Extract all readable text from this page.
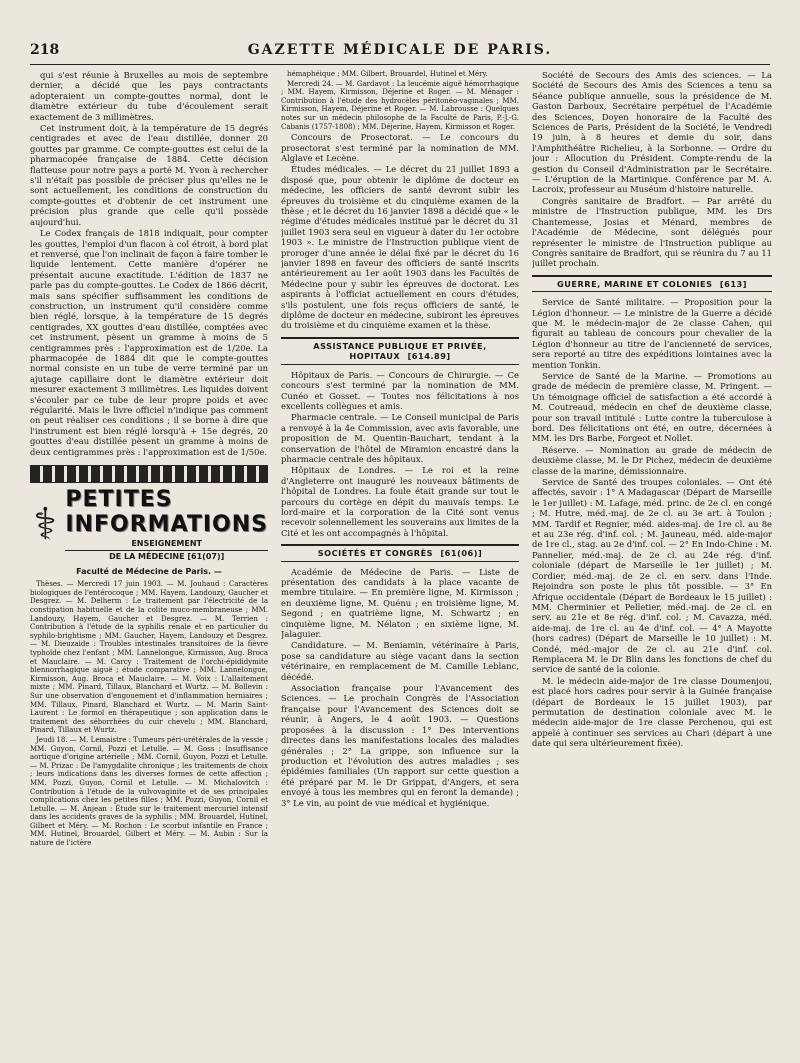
218	GAZETTE MÉDICALE DE PARIS.

qui s'est réunie à Bruxelles au mois de septembre dernier, a décidé que les pays contractants adopteraient un compte-gouttes normal, dont le diamètre extérieur du tube d'écoulement serait exactement de 3 millimètres.

Cet instrument doit, à la température de 15 degrés centigrades et avec de l'eau distillée, donner 20 gouttes par gramme. Ce compte-gouttes est celui de la pharmacopée française de 1884. Cette décision flatteuse pour notre pays a porté M. Yvon à rechercher s'il n'était pas possible de préciser plus qu'elles ne le sont actuellement, les conditions de construction du compte-gouttes et d'obtenir de cet instrument une précision plus grande que celle qu'il possède aujourd'hui.

Le Codex français de 1818 indiquait, pour compter les gouttes, l'emploi d'un flacon à col étroit, à bord plat et renversé, que l'on inclinait de façon à faire tomber le liquide lentement. Cette manière d'opérer ne présentait aucune exactitude. L'édition de 1837 ne parle pas du compte-gouttes. Le Codex de 1866 décrit, mais sans spécifier suffisamment les conditions de construction, un instrument qu'il considère comme bien réglé, lorsque, à la température de 15 degrés centigrades, XX gouttes d'eau distillée, comptées avec cet instrument, pèsent un gramme à moins de 5 centigrammes près : l'approximation est de 1/20e. La pharmacopée de 1884 dit que le compte-gouttes normal consiste en un tube de verre terminé par un ajutage capillaire dont le diamètre extérieur doit mesurer exactement 3 millimètres. Les liquides doivent s'écouler par ce tube de leur propre poids et avec régularité. Mais le livre officiel n'indique pas comment on peut réaliser ces conditions ; il se borne à dire que l'instrument est bien réglé lorsqu'à + 15e degrés, 20 gouttes d'eau distillée pèsent un gramme à moins de deux centigrammes près : l'approximation est de 1/50e.

⚕ PETITES
INFORMATIONS
ENSEIGNEMENT
DE LA MÉDECINE [61(07)]
Faculté de Médecine de Paris. —

Thèses. — Mercredi 17 juin 1903. — M. Jouhaud : Caractères biologiques de l'entérocoque ; MM. Hayem, Landouzy, Gaucher et Desgrez. — M. Delherm : Le traitement par l'électricité de la constipation habituelle et de la colite muco-membraneuse ; MM. Landouzy, Hayem, Gaucher et Desgrez. — M. Terrien : Contribution à l'étude de la syphilis rénale et en particulier du syphilo-brightisme ; MM. Gaucher, Hayem, Landouzy et Desgrez. — M. Dieuzaide : Troubles intestinales transitoires de la fièvre typhoïde chez l'enfant ; MM. Lannelongue, Kirmisson, Aug. Broca et Mauclaire. — M. Carcy : Traitement de l'orchi-épididymite blennorrhagique aiguë ; étude comparative ; MM. Lannelongue, Kirmisson, Aug. Broca et Mauclaire. — M. Voix : L'allaitement mixte ; MM. Pinard, Tillaux, Blanchard et Wurtz. — M. Bollevin : Sur une observation d'engouement et d'inflammation herniaires ; MM. Tillaux, Pinard, Blanchard et Wurtz. — M. Marin Saint-Laurent : Le formol en thérapeutique ; son application dans le traitement des séborrhées du cuir chevelu ; MM. Blanchard, Pinard, Tillaux et Wurtz.

Jeudi 18. — M. Lemaistre : Tumeurs péri-urétérales de la vessie ; MM. Guyon, Cornil, Pozzi et Letulle. — M. Goss : Insuffisance aortique d'origine artérielle ; MM. Cornil, Guyon, Pozzi et Letulle. — M. Prizac : De l'amygdalite chronique ; les traitements de choix ; leurs indications dans les diverses formes de cette affection ; MM. Pozzi, Guyon, Cornil et Letulle. — M. Michalovitch : Contribution à l'étude de la vulvovaginite et de ses principales complications chez les petites filles ; MM. Pozzi, Guyon, Cornil et Letulle. — M. Anjean : Étude sur le traitement mercuriel intensif dans les accidents graves de la syphilis ; MM. Brouardel, Hutinel, Gilbert et Méry. — M. Rochon : Le scorbut infantile en France ; MM. Hutinel, Brouardel, Gilbert et Méry. — M. Aubin : Sur la nature de l'ictère

hémaphéique ; MM. Gilbert, Brouardel, Hutinel et Méry.

Mercredi 24. — M. Gardavot : La leucémie aiguë hémorrhagique ; MM. Hayem, Kirmisson, Déjerine et Roger. — M. Ménager : Contribution à l'étude des hydrocèles péritonéo-vaginales ; MM. Kirmisson, Hayem, Déjerine et Roger. — M. Labrousse : Quelques notes sur un médecin philosophe de la Faculté de Paris, P.-J.-G. Cabanis (1757-1808) ; MM. Déjerine, Hayem, Kirmisson et Roger.

Concours de Prosectorat. — Le concours du prosectorat s'est terminé par la nomination de MM. Alglave et Lecène.

Études médicales. — Le décret du 21 juillet 1893 a disposé que, pour obtenir le diplôme de docteur en médecine, les officiers de santé devront subir les épreuves du troisième et du cinquième examen de la thèse ; et le décret du 16 janvier 1898 a décidé que « le régime d'études médicales institué par le décret du 31 juillet 1903 sera seul en vigueur à dater du 1er octobre 1903 ». Le ministre de l'Instruction publique vient de proroger d'une année le délai fixé par le décret du 16 janvier 1898 en faveur des officiers de santé inscrits antérieurement au 1er août 1903 dans les Facultés de Médecine pour y subir les épreuves de doctorat. Les aspirants à l'officiat actuellement en cours d'études, s'ils postulent, une fois reçus officiers de santé, le diplôme de docteur en médecine, subiront les épreuves du troisième et du cinquième examen et la thèse.

ASSISTANCE PUBLIQUE ET PRIVÉE,
HOPITAUX [614.89]

Hôpitaux de Paris. — Concours de Chirurgie. — Ce concours s'est terminé par la nomination de MM. Cunéo et Gosset. — Toutes nos félicitations à nos excellents collègues et amis.

Pharmacie centrale. — Le Conseil municipal de Paris a renvoyé à la 4e Commission, avec avis favorable, une proposition de M. Quentin-Bauchart, tendant à la conservation de l'hôtel de Miramion encastré dans la pharmacie centrale des hôpitaux.

Hôpitaux de Londres. — Le roi et la reine d'Angleterre ont inauguré les nouveaux bâtiments de l'hôpital de Londres. La foule était grande sur tout le parcours du cortège en dépit du mauvais temps. Le lord-maire et la corporation de la Cité sont venus recevoir solennellement les souverains aux limites de la Cité et les ont accompagnés à l'hôpital.

SOCIÉTÉS ET CONGRÈS [61(06)]

Académie de Médecine de Paris. — Liste de présentation des candidats à la place vacante de membre titulaire. — En première ligne, M. Kirmisson ; en deuxième ligne, M. Quénu ; en troisième ligne, M. Segond ; en quatrième ligne, M. Schwartz ; en cinquième ligne, M. Nélaton ; en sixième ligne, M. Jalaguier.

Candidature. — M. Beniamin, vétérinaire à Paris, pose sa candidature au siège vacant dans la section vétérinaire, en remplacement de M. Camille Leblanc, décédé.

Association française pour l'Avancement des Sciences. — Le prochain Congrès de l'Association française pour l'Avancement des Sciences doit se réunir, à Angers, le 4 août 1903. — Questions proposées à la discussion : 1° Des interventions directes dans les manifestations locales des maladies générales ; 2° La grippe, son influence sur la production et l'évolution des autres maladies ; ses épidémies familiales (Un rapport sur cette question a été préparé par M. le Dr Grippat, d'Angers, et sera envoyé à tous les membres qui en feront la demande) ; 3° Le vin, au point de vue médical et hygiénique.

Société de Secours des Amis des sciences. — La Société de Secours des Amis des Sciences a tenu sa Séance publique annuelle, sous la présidence de M. Gaston Darboux, Secrétaire perpétuel de l'Académie des Sciences, Doyen honoraire de la Faculté des Sciences de Paris, Président de la Société, le Vendredi 19 juin, à 8 heures et demie du soir, dans l'Amphithéâtre Richelieu, à la Sorbonne. — Ordre du jour : Allocution du Président. Compte-rendu de la gestion du Conseil d'Administration par le Secrétaire. — L'éruption de la Martinique. Conférence par M. A. Lacroix, professeur au Muséum d'histoire naturelle.

Congrès sanitaire de Bradfort. — Par arrêté du ministre de l'Instruction publique, MM. les Drs Chantemesse, Josias et Ménard, membres de l'Académie de Médecine, sont délégués pour représenter le ministre de l'Instruction publique au Congrès sanitaire de Bradfort, qui se réunira du 7 au 11 juillet prochain.

GUERRE, MARINE ET COLONIES [613]

Service de Santé militaire. — Proposition pour la Légion d'honneur. — Le ministre de la Guerre a décidé que M. le médecin-major de 2e classe Cahen, qui figurait au tableau de concours pour chevalier de la Légion d'honneur au titre de l'ancienneté de services, sera reporté au titre des expéditions lointaines avec la mention Tonkin.

Service de Santé de la Marine. — Promotions au grade de médecin de première classe, M. Pringent. — Un témoignage officiel de satisfaction a été accordé à M. Coutreaud, médecin en chef de deuxième classe, pour son travail intitulé : Lutte contre la tuberculose à bord. Des félicitations ont été, en outre, décernées à MM. les Drs Barbe, Forgeot et Nollet.

Réserve. — Nomination au grade de médecin de deuxième classe, M. le Dr Pichez, médecin de deuxième classe de la marine, démissionnaire.

Service de Santé des troupes coloniales. — Ont été affectés, savoir : 1° A Madagascar (Départ de Marseille le 1er juillet) : M. Lafage, méd. princ. de 2e cl. en congé ; M. Hutre, méd.-maj. de 2e cl. au 3e art. à Toulon ; MM. Tardif et Regnier, méd. aides-maj. de 1re cl. au 8e et au 23e rég. d'inf. col. ; M. Jauneau, méd. aide-major de 1re cl., stag. au 2e d'inf. col. — 2° En Indo-Chine : M. Pannelier, méd.-maj. de 2e cl. au 24e rég. d'inf. coloniale (départ de Marseille le 1er juillet) ; M. Cordier, méd.-maj. de 2e cl. en serv. dans l'Inde. Rejoindra son poste le plus tôt possible. — 3° En Afrique occidentale (Départ de Bordeaux le 15 juillet) : MM. Cherminier et Pelletier, méd.-maj. de 2e cl. en serv. au 21e et 8e rég. d'inf. col. ; M. Cavazza, méd. aide-maj. de 1re cl. au 4e d'inf. col. — 4° A Mayotte (hors cadres) (Départ de Marseille le 10 juillet) : M. Condé, méd.-major de 2e cl. au 21e d'inf. col. Remplacera M. le Dr Blin dans les fonctions de chef du service de santé de la colonie.

M. le médecin aide-major de 1re classe Doumenjou, est placé hors cadres pour servir à la Guinée française (départ de Bordeaux le 15 juillet 1903), par permutation de destination coloniale avec M. le médecin aide-major de 1re classe Perchenou, qui est appelé à continuer ses services au Chari (départ à une date qui sera ultérieurement fixée).
